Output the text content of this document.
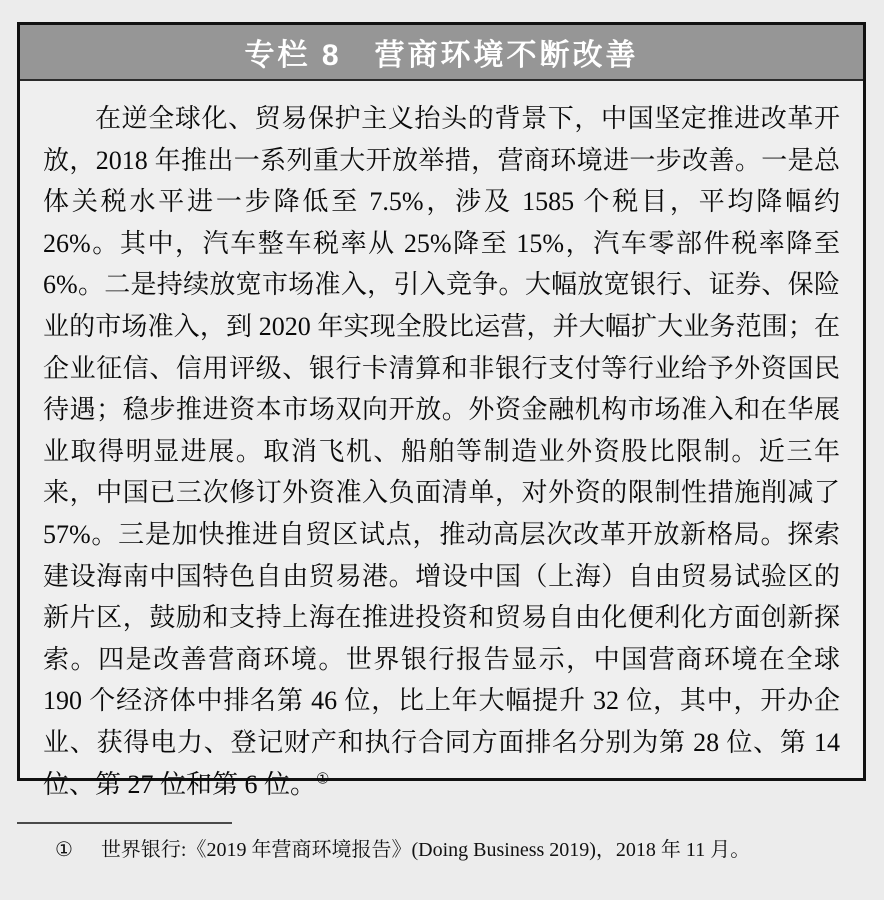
专栏 8　营商环境不断改善

在逆全球化、贸易保护主义抬头的背景下，中国坚定推进改革开放，2018 年推出一系列重大开放举措，营商环境进一步改善。一是总体关税水平进一步降低至 7.5%，涉及 1585 个税目，平均降幅约 26%。其中，汽车整车税率从 25%降至 15%，汽车零部件税率降至 6%。二是持续放宽市场准入，引入竞争。大幅放宽银行、证券、保险业的市场准入，到 2020 年实现全股比运营，并大幅扩大业务范围；在企业征信、信用评级、银行卡清算和非银行支付等行业给予外资国民待遇；稳步推进资本市场双向开放。外资金融机构市场准入和在华展业取得明显进展。取消飞机、船舶等制造业外资股比限制。近三年来，中国已三次修订外资准入负面清单，对外资的限制性措施削减了 57%。三是加快推进自贸区试点，推动高层次改革开放新格局。探索建设海南中国特色自由贸易港。增设中国（上海）自由贸易试验区的新片区，鼓励和支持上海在推进投资和贸易自由化便利化方面创新探索。四是改善营商环境。世界银行报告显示，中国营商环境在全球 190 个经济体中排名第 46 位，比上年大幅提升 32 位，其中，开办企业、获得电力、登记财产和执行合同方面排名分别为第 28 位、第 14 位、第 27 位和第 6 位。①

① 世界银行:《2019 年营商环境报告》(Doing Business 2019)，2018 年 11 月。
